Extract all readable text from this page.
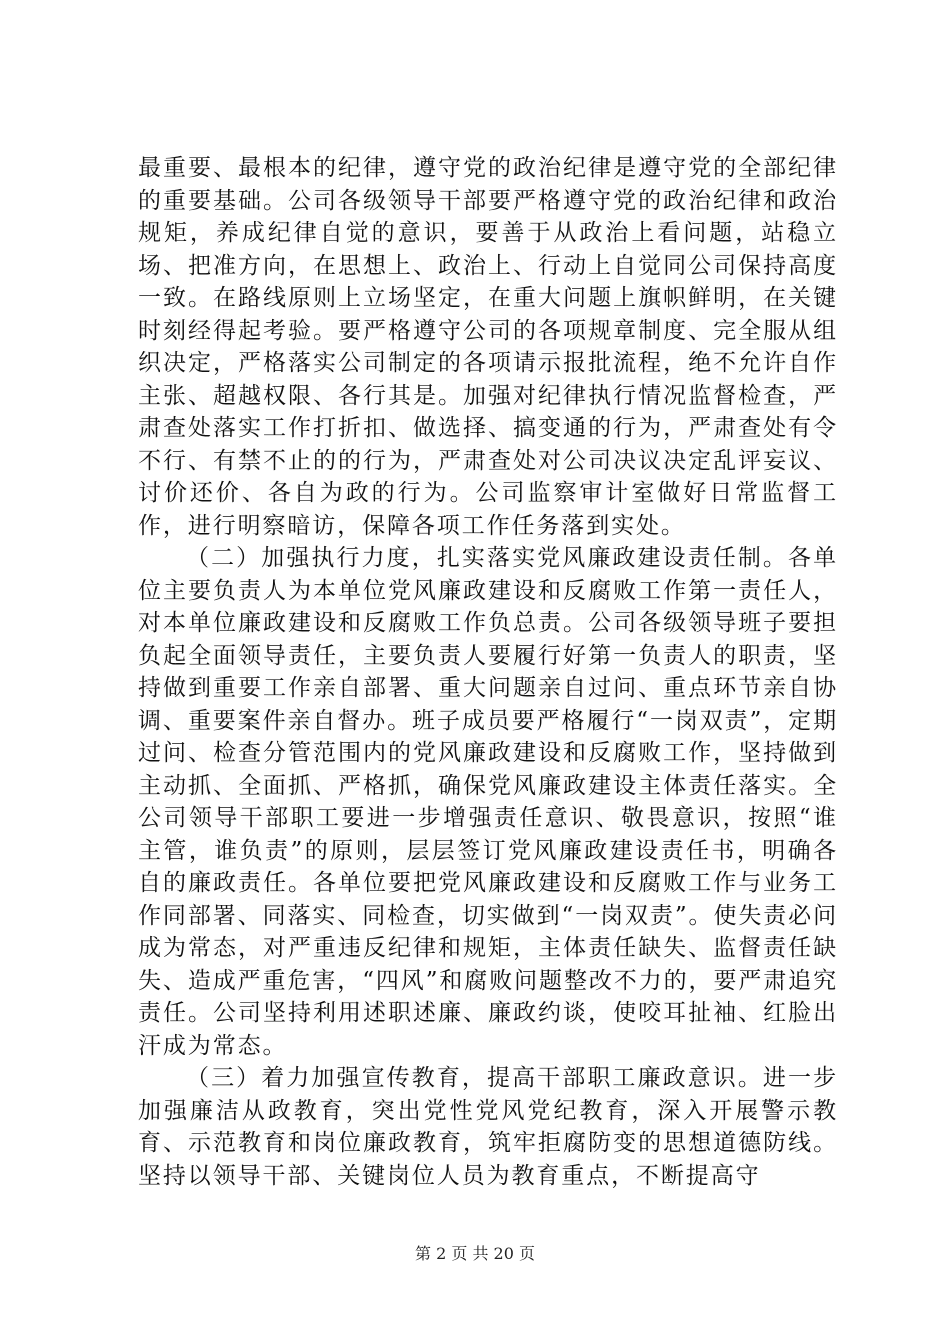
最重要、最根本的纪律，遵守党的政治纪律是遵守党的全部纪律的重要基础。公司各级领导干部要严格遵守党的政治纪律和政治规矩，养成纪律自觉的意识，要善于从政治上看问题，站稳立场、把准方向，在思想上、政治上、行动上自觉同公司保持高度一致。在路线原则上立场坚定，在重大问题上旗帜鲜明，在关键时刻经得起考验。要严格遵守公司的各项规章制度、完全服从组织决定，严格落实公司制定的各项请示报批流程，绝不允许自作主张、超越权限、各行其是。加强对纪律执行情况监督检查，严肃查处落实工作打折扣、做选择、搞变通的行为，严肃查处有令不行、有禁不止的的行为，严肃查处对公司决议决定乱评妄议、讨价还价、各自为政的行为。公司监察审计室做好日常监督工作，进行明察暗访，保障各项工作任务落到实处。

（二）加强执行力度，扎实落实党风廉政建设责任制。各单位主要负责人为本单位党风廉政建设和反腐败工作第一责任人，对本单位廉政建设和反腐败工作负总责。公司各级领导班子要担负起全面领导责任，主要负责人要履行好第一负责人的职责，坚持做到重要工作亲自部署、重大问题亲自过问、重点环节亲自协调、重要案件亲自督办。班子成员要严格履行“一岗双责”，定期过问、检查分管范围内的党风廉政建设和反腐败工作，坚持做到主动抓、全面抓、严格抓，确保党风廉政建设主体责任落实。全公司领导干部职工要进一步增强责任意识、敬畏意识，按照“谁主管，谁负责”的原则，层层签订党风廉政建设责任书，明确各自的廉政责任。各单位要把党风廉政建设和反腐败工作与业务工作同部署、同落实、同检查，切实做到“一岗双责”。使失责必问成为常态，对严重违反纪律和规矩，主体责任缺失、监督责任缺失、造成严重危害，“四风”和腐败问题整改不力的，要严肃追究责任。公司坚持利用述职述廉、廉政约谈，使咬耳扯袖、红脸出汗成为常态。

（三）着力加强宣传教育，提高干部职工廉政意识。进一步加强廉洁从政教育，突出党性党风党纪教育，深入开展警示教育、示范教育和岗位廉政教育，筑牢拒腐防变的思想道德防线。坚持以领导干部、关键岗位人员为教育重点，不断提高守

第 2 页 共 20 页
